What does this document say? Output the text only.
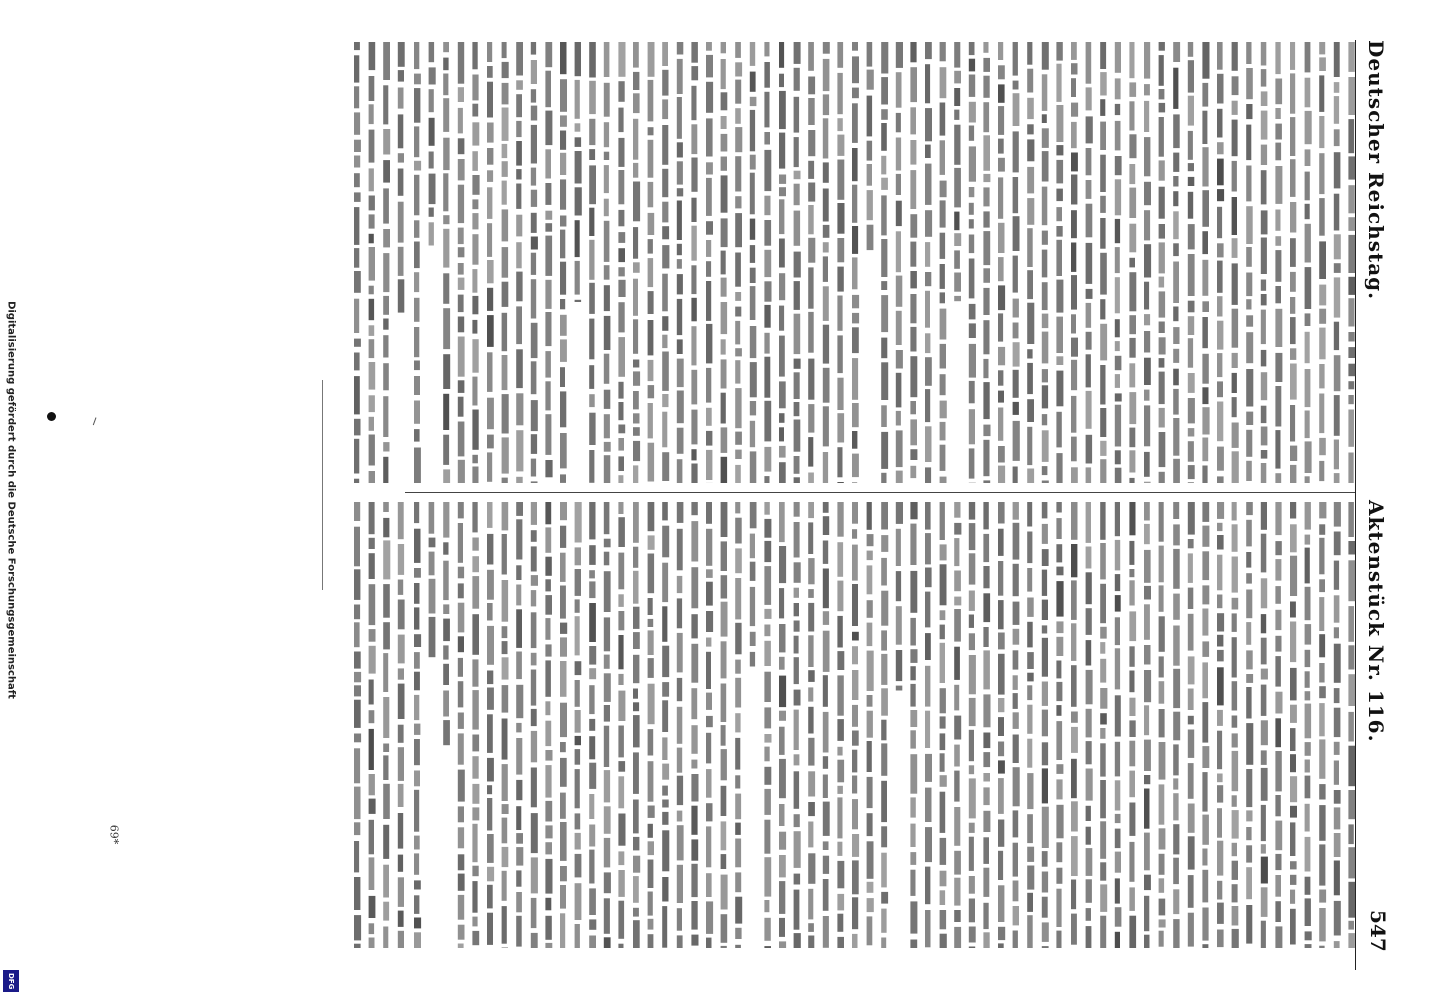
Digitalisierung gefördert durch die Deutsche Forschungsgemeinschaft
DFG
69*
Deutscher Reichstag.
Aktenstück Nr. 116.
547
